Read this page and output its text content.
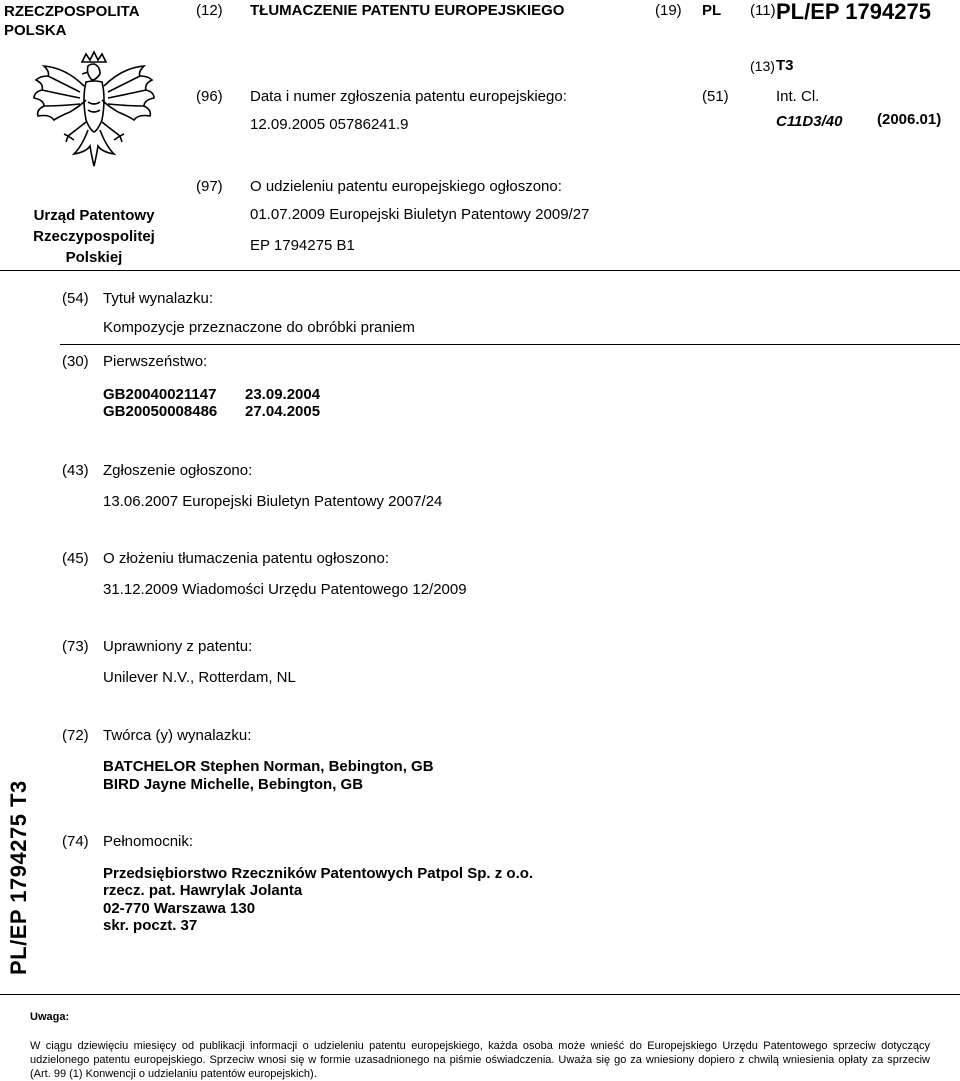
RZECZPOSPOLITA POLSKA
(12) TŁUMACZENIE PATENTU EUROPEJSKIEGO	(19) PL (11) PL/EP 1794275
(13) T3
Urząd Patentowy Rzeczypospolitej Polskiej
(96) Data i numer zgłoszenia patentu europejskiego:
12.09.2005 05786241.9
(51)	Int. Cl.
C11D3/40 (2006.01)
(97) O udzieleniu patentu europejskiego ogłoszono:
01.07.2009 Europejski Biuletyn Patentowy 2009/27
EP 1794275 B1
(54) Tytuł wynalazku:
Kompozycje przeznaczone do obróbki praniem
(30) Pierwszeństwo:
GB20040021147 23.09.2004
GB20050008486 27.04.2005
(43) Zgłoszenie ogłoszono:
13.06.2007 Europejski Biuletyn Patentowy 2007/24
(45) O złożeniu tłumaczenia patentu ogłoszono:
31.12.2009 Wiadomości Urzędu Patentowego 12/2009
(73) Uprawniony z patentu:
Unilever N.V., Rotterdam, NL
(72) Twórca (y) wynalazku:
BATCHELOR Stephen Norman, Bebington, GB
BIRD Jayne Michelle, Bebington, GB
(74) Pełnomocnik:
Przedsiębiorstwo Rzeczników Patentowych Patpol Sp. z o.o.
rzecz. pat. Hawrylak Jolanta
02-770 Warszawa 130
skr. poczt. 37
PL/EP 1794275 T3
Uwaga:
W ciągu dziewięciu miesięcy od publikacji informacji o udzieleniu patentu europejskiego, każda osoba może wnieść do Europejskiego Urzędu Patentowego sprzeciw dotyczący udzielonego patentu europejskiego. Sprzeciw wnosi się w formie uzasadnionego na piśmie oświadczenia. Uważa się go za wniesiony dopiero z chwilą wniesienia opłaty za sprzeciw (Art. 99 (1) Konwencji o udzielaniu patentów europejskich).
